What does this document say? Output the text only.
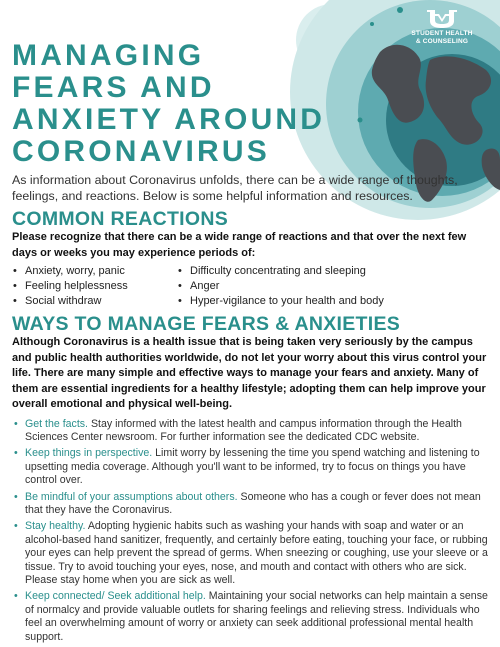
STUDENT HEALTH
& COUNSELING
MANAGING
FEARS AND
ANXIETY AROUND
CORONAVIRUS

As information about Coronavirus unfolds, there can be a wide range of thoughts, feelings, and reactions. Below is some helpful information and resources.

COMMON REACTIONS

Please recognize that there can be a wide range of reactions and that over the next few days or weeks you may experience periods of:

• Anxiety, worry, panic
• Feeling helplessness
• Social withdraw
• Difficulty concentrating and sleeping
• Anger
• Hyper-vigilance to your health and body
WAYS TO MANAGE FEARS & ANXIETIES

Although Coronavirus is a health issue that is being taken very seriously by the campus and public health authorities worldwide, do not let your worry about this virus control your life. There are many simple and effective ways to manage your fears and anxiety. Many of them are essential ingredients for a healthy lifestyle; adopting them can help improve your overall emotional and physical well-being.

• Get the facts. Stay informed with the latest health and campus information through the Health Sciences Center newsroom. For further information see the dedicated CDC website.
• Keep things in perspective. Limit worry by lessening the time you spend watching and listening to upsetting media coverage. Although you'll want to be informed, try to focus on things you have control over.
• Be mindful of your assumptions about others. Someone who has a cough or fever does not mean that they have the Coronavirus.
• Stay healthy. Adopting hygienic habits such as washing your hands with soap and water or an alcohol-based hand sanitizer, frequently, and certainly before eating, touching your face, or rubbing your eyes can help prevent the spread of germs. When sneezing or coughing, use your sleeve or a tissue. Try to avoid touching your eyes, nose, and mouth and contact with others who are sick. Please stay home when you are sick as well.
• Keep connected/ Seek additional help. Maintaining your social networks can help maintain a sense of normalcy and provide valuable outlets for sharing feelings and relieving stress. Individuals who feel an overwhelming amount of worry or anxiety can seek additional professional mental health support.
